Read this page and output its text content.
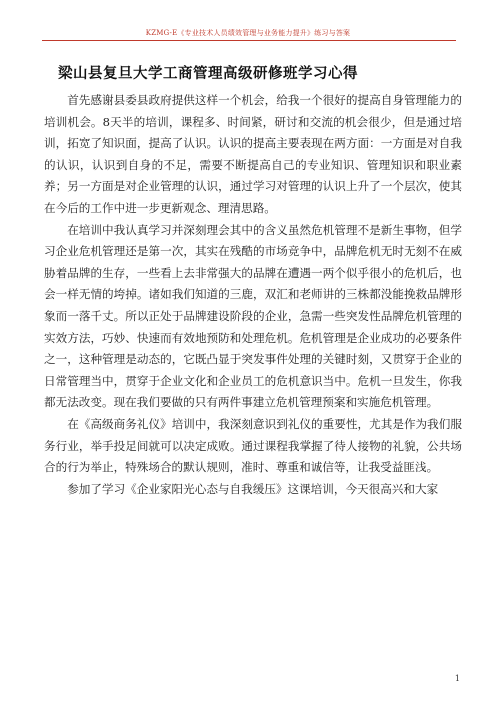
KZMG-E《专业技术人员绩效管理与业务能力提升》练习与答案
梁山县复旦大学工商管理高级研修班学习心得

首先感谢县委县政府提供这样一个机会，给我一个很好的提高自身管理能力的培训机会。8天半的培训，课程多、时间紧，研讨和交流的机会很少，但是通过培训，拓宽了知识面，提高了认识。认识的提高主要表现在两方面：一方面是对自我的认识，认识到自身的不足，需要不断提高自己的专业知识、管理知识和职业素养；另一方面是对企业管理的认识，通过学习对管理的认识上升了一个层次，使其在今后的工作中进一步更新观念、理清思路。

在培训中我认真学习并深刻理会其中的含义虽然危机管理不是新生事物，但学习企业危机管理还是第一次，其实在残酷的市场竞争中，品牌危机无时无刻不在威胁着品牌的生存，一些看上去非常强大的品牌在遭遇一两个似乎很小的危机后，也会一样无情的垮掉。诸如我们知道的三鹿，双汇和老师讲的三株都没能挽救品牌形象而一落千丈。所以正处于品牌建设阶段的企业，急需一些突发性品牌危机管理的实效方法，巧妙、快速而有效地预防和处理危机。危机管理是企业成功的必要条件之一，这种管理是动态的，它既凸显于突发事件处理的关键时刻，又贯穿于企业的日常管理当中，贯穿于企业文化和企业员工的危机意识当中。危机一旦发生，你我都无法改变。现在我们要做的只有两件事建立危机管理预案和实施危机管理。

在《高级商务礼仪》培训中，我深刻意识到礼仪的重要性，尤其是作为我们服务行业，举手投足间就可以决定成败。通过课程我掌握了待人接物的礼貌，公共场合的行为举止，特殊场合的默认规则，准时、尊重和诚信等，让我受益匪浅。

参加了学习《企业家阳光心态与自我缓压》这课培训，今天很高兴和大家

1
